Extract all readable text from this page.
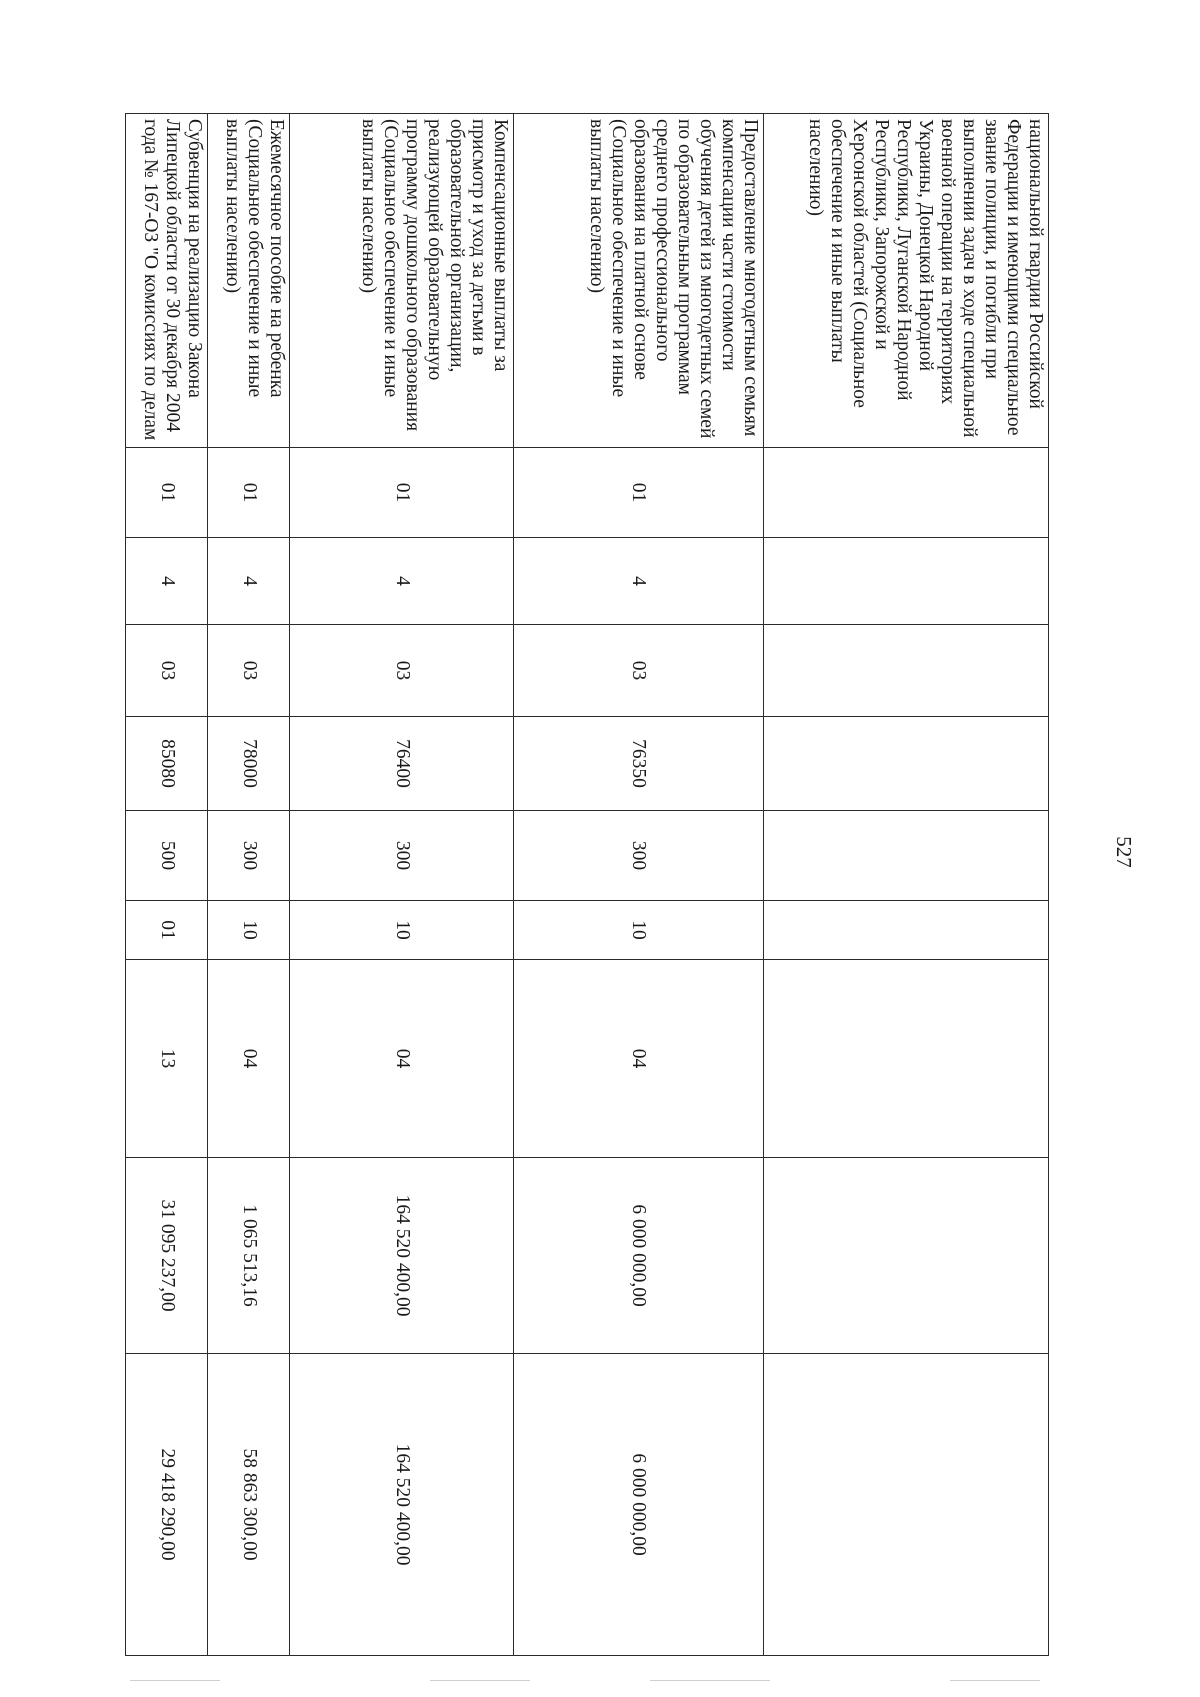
527
национальной гвардии Российской Федерации и имеющими специальное звание полиции, и погибли при выполнении задач в ходе специальной военной операции на территориях Украины, Донецкой Народной Республики, Луганской Народной Республики, Запорожской и Херсонской областей (Социальное обеспечение и иные выплаты населению)										
Предоставление многодетным семьям компенсации части стоимости обучения детей из многодетных семей по образовательным программам среднего профессионального образования на платной основе (Социальное обеспечение и иные выплаты населению)	01	4	03	76350	300	10	04	6 000 000,00	6 000 000,00	
Компенсационные выплаты за присмотр и уход за детьми в образовательной организации, реализующей образовательную программу дошкольного образования (Социальное обеспечение и иные выплаты населению)	01	4	03	76400	300	10	04	164 520 400,00	164 520 400,00	
Ежемесячное пособие на ребенка (Социальное обеспечение и иные выплаты населению)	01	4	03	78000	300	10	04	1 065 513,16	58 863 300,00	
Субвенция на реализацию Закона Липецкой области от 30 декабря 2004 года № 167-ОЗ "О комиссиях по делам	01	4	03	85080	500	01	13	31 095 237,00	29 418 290,00	
